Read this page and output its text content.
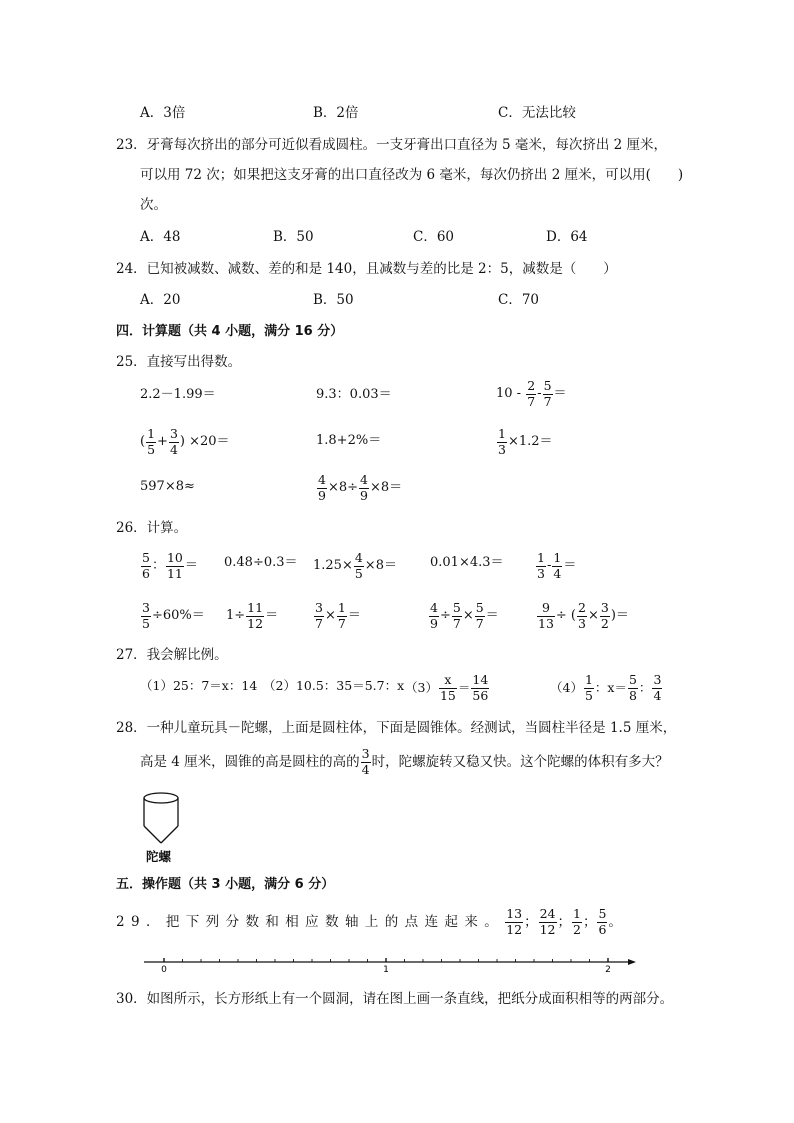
A．3倍	B．2倍	C．无法比较
23．牙膏每次挤出的部分可近似看成圆柱。一支牙膏出口直径为 5 毫米，每次挤出 2 厘米，
可以用 72 次；如果把这支牙膏的出口直径改为 6 毫米，每次仍挤出 2 厘米，可以用(　　)
次。
A．48	B．50	C．60	D．64
24．已知被减数、减数、差的和是 140，且减数与差的比是 2：5，减数是（　　）
A．20	B．50	C．70
四．计算题（共 4 小题，满分 16 分）
25．直接写出得数。
2.2－1.99＝	9.3：0.03＝	10 -
$\frac{2}{7} - \frac{5}{7}$ ＝
( $\frac{1}{5} + \frac{3}{4}$ ) ×20＝	1.8+2%＝	$\frac{1}{3} \times 1.2=$
597×8≈	$\frac{4}{9} \times 8\div \frac{4}{9} \times 8=$
26．计算。
$\frac{5}{6}$ ： $\frac{10}{11} = 0.48\div 0.3= 1.25\times \frac{4}{5} \times 8=$	0.01×4.3＝	$\frac{1}{3} - \frac{1}{4}$ ＝
$\frac{3}{5} \div 60\%= 1\div \frac{11}{12}$ ＝	$\frac{3}{7} \times \frac{1}{7}$ ＝	$\frac{4}{9} \div \frac{5}{7} \times \frac{5}{7}$ ＝	$\frac{9}{13}$ ÷ ( $\frac{2}{3} \times \frac{3}{2}$ )＝
27．我会解比例。
（1）25：7＝x：14 （2）10.5：35＝5.7：x $(3) \frac{x}{15} = \frac{14}{56}$	$(4) \frac{1}{5}$ ：$x= \frac{5}{8}$ ： $\frac{3}{4}$
28．一种儿童玩具－陀螺，上面是圆柱体，下面是圆锥体。经测试，当圆柱半径是 1.5 厘米，
高是 4 厘米，圆锥的高是圆柱的高的 $\frac{3}{4}$ 时，陀螺旋转又稳又快。这个陀螺的体积有多大？
陀螺
五．操作题（共 3 小题，满分 6 分）
29．把下列分数和相应数轴上的点连起来。 $\frac{13}{12}$ ； $\frac{24}{12}$ ； $\frac{1}{2}$ ； $\frac{5}{6}$ 。
0	1	2
30．如图所示，长方形纸上有一个圆洞，请在图上画一条直线，把纸分成面积相等的两部分。
